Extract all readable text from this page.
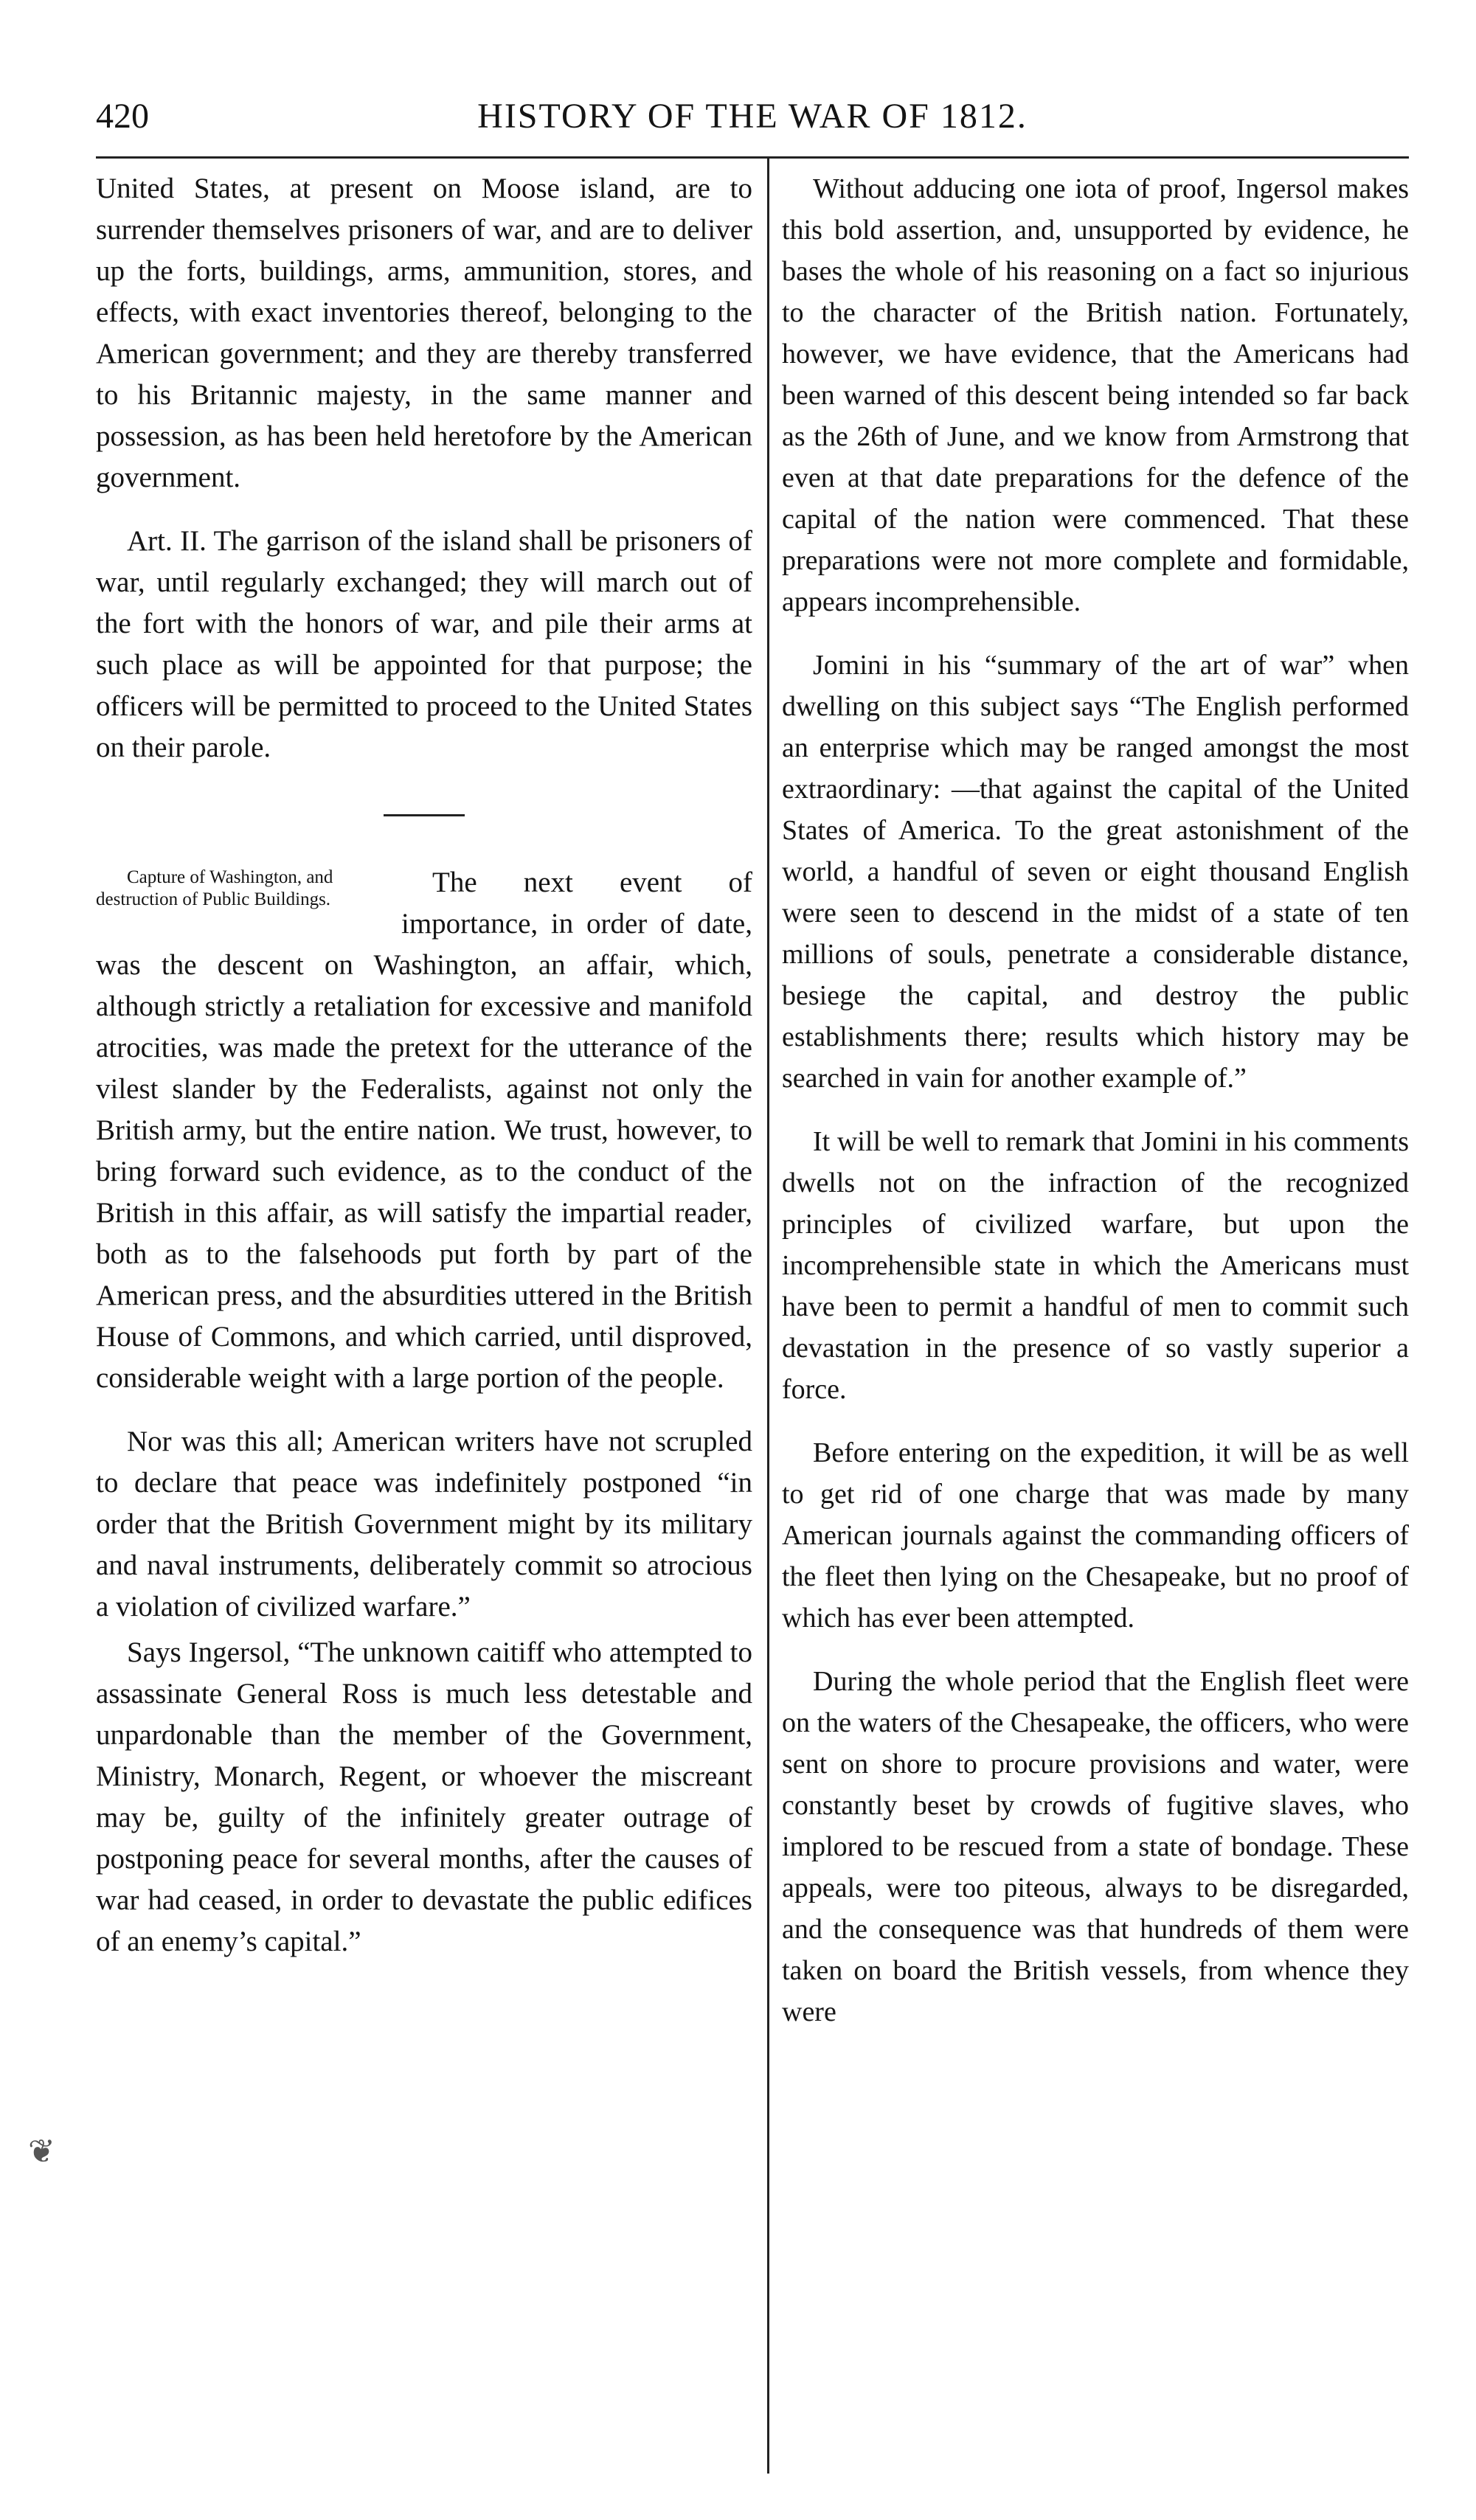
420	HISTORY OF THE WAR OF 1812.

United States, at present on Moose island, are to surrender themselves prisoners of war, and are to deliver up the forts, buildings, arms, ammunition, stores, and effects, with exact inventories thereof, belonging to the American government; and they are thereby transferred to his Britannic majesty, in the same manner and possession, as has been held heretofore by the American government.

Art. II. The garrison of the island shall be prisoners of war, until regularly exchanged; they will march out of the fort with the honors of war, and pile their arms at such place as will be appointed for that purpose; the officers will be permitted to proceed to the United States on their parole.

Capture of Washington, and destruction of Public Buildings.
The next event of importance, in order of date, was the descent on Washington, an affair, which, although strictly a retaliation for excessive and manifold atrocities, was made the pretext for the utterance of the vilest slander by the Federalists, against not only the British army, but the entire nation. We trust, however, to bring forward such evidence, as to the conduct of the British in this affair, as will satisfy the impartial reader, both as to the falsehoods put forth by part of the American press, and the absurdities uttered in the British House of Commons, and which carried, until disproved, considerable weight with a large portion of the people.

Nor was this all; American writers have not scrupled to declare that peace was indefinitely postponed “in order that the British Government might by its military and naval instruments, deliberately commit so atrocious a violation of civilized warfare.”

Says Ingersol, “The unknown caitiff who attempted to assassinate General Ross is much less detestable and unpardonable than the member of the Government, Ministry, Monarch, Regent, or whoever the miscreant may be, guilty of the infinitely greater outrage of postponing peace for several months, after the causes of war had ceased, in order to devastate the public edifices of an enemy’s capital.”

Without adducing one iota of proof, Ingersol makes this bold assertion, and, unsupported by evidence, he bases the whole of his reasoning on a fact so injurious to the character of the British nation. Fortunately, however, we have evidence, that the Americans had been warned of this descent being intended so far back as the 26th of June, and we know from Armstrong that even at that date preparations for the defence of the capital of the nation were commenced. That these preparations were not more complete and formidable, appears incomprehensible.

Jomini in his “summary of the art of war” when dwelling on this subject says “The English performed an enterprise which may be ranged amongst the most extraordinary: —that against the capital of the United States of America. To the great astonishment of the world, a handful of seven or eight thousand English were seen to descend in the midst of a state of ten millions of souls, penetrate a considerable distance, besiege the capital, and destroy the public establishments there; results which history may be searched in vain for another example of.”

It will be well to remark that Jomini in his comments dwells not on the infraction of the recognized principles of civilized warfare, but upon the incomprehensible state in which the Americans must have been to permit a handful of men to commit such devastation in the presence of so vastly superior a force.

Before entering on the expedition, it will be as well to get rid of one charge that was made by many American journals against the commanding officers of the fleet then lying on the Chesapeake, but no proof of which has ever been attempted.

During the whole period that the English fleet were on the waters of the Chesapeake, the officers, who were sent on shore to procure provisions and water, were constantly beset by crowds of fugitive slaves, who implored to be rescued from a state of bondage. These appeals, were too piteous, always to be disregarded, and the consequence was that hundreds of them were taken on board the British vessels, from whence they were

❦
